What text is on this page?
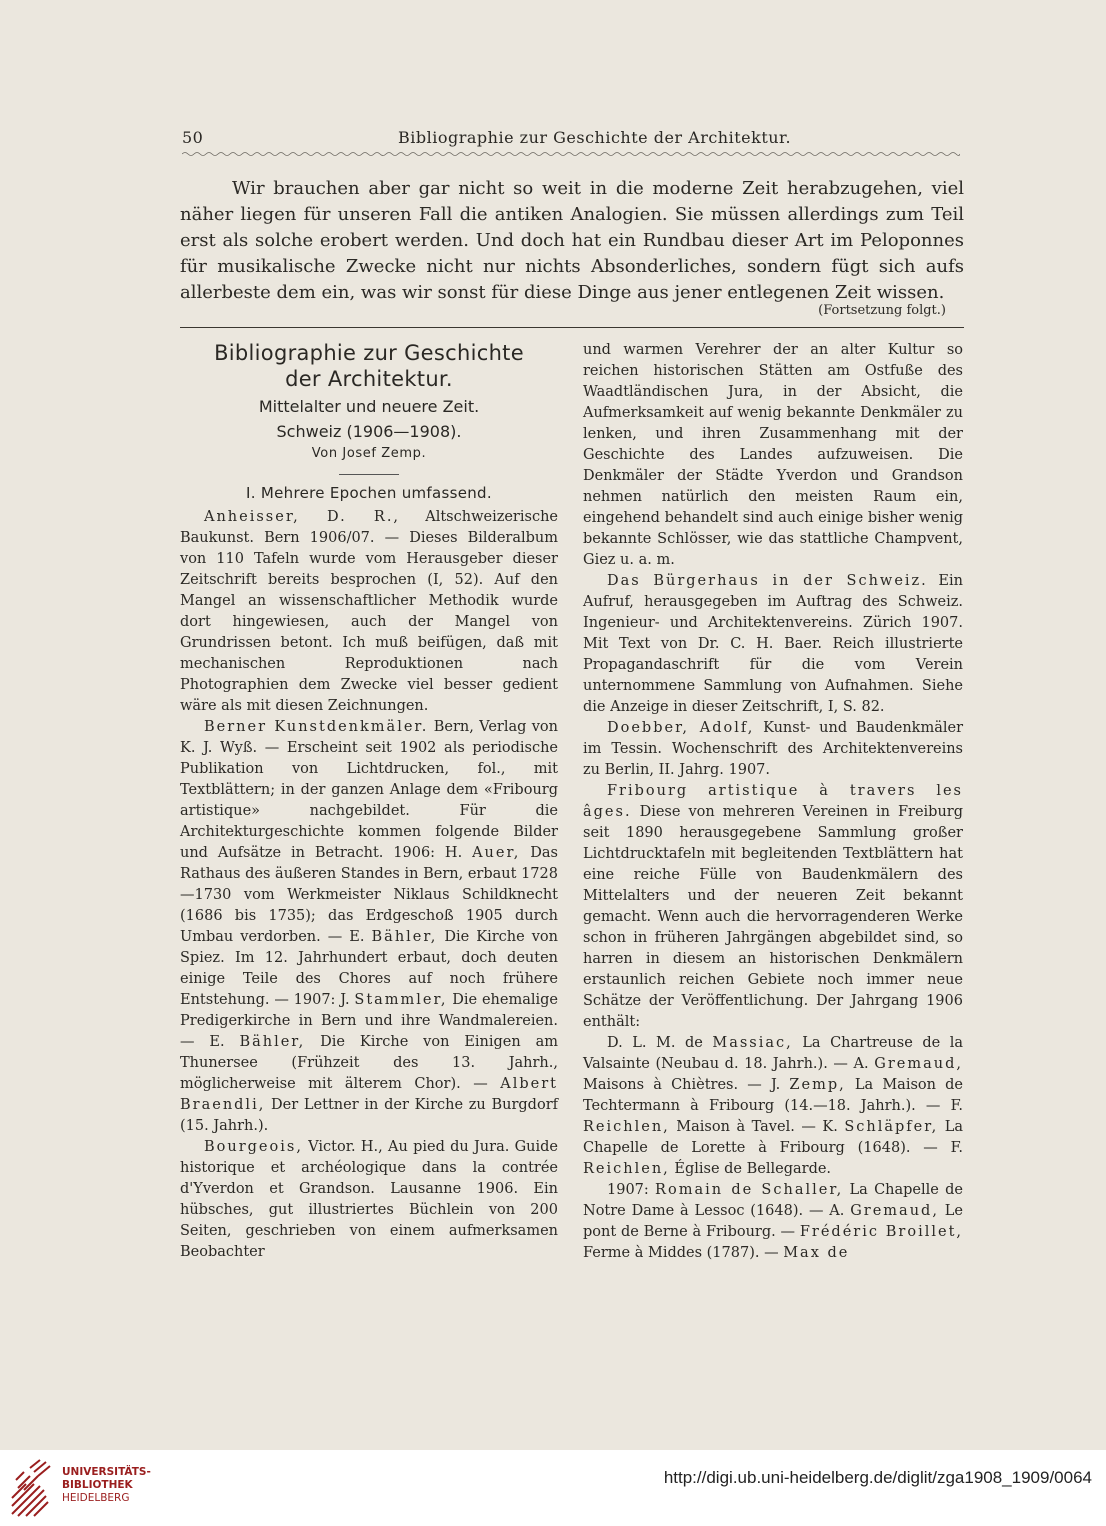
50	Bibliographie zur Geschichte der Architektur.

Wir brauchen aber gar nicht so weit in die moderne Zeit herabzugehen, viel näher liegen für unseren Fall die antiken Analogien. Sie müssen allerdings zum Teil erst als solche erobert werden. Und doch hat ein Rundbau dieser Art im Peloponnes für musikalische Zwecke nicht nur nichts Absonderliches, sondern fügt sich aufs allerbeste dem ein, was wir sonst für diese Dinge aus jener entlegenen Zeit wissen.

(Fortsetzung folgt.)
Bibliographie zur Geschichte
der Architektur.
Mittelalter und neuere Zeit.
Schweiz (1906—1908).
Von Josef Zemp.
I. Mehrere Epochen umfassend.

Anheisser, D. R., Altschweizerische Baukunst. Bern 1906/07. — Dieses Bilderalbum von 110 Tafeln wurde vom Herausgeber dieser Zeitschrift bereits besprochen (I, 52). Auf den Mangel an wissenschaftlicher Methodik wurde dort hingewiesen, auch der Mangel von Grundrissen betont. Ich muß beifügen, daß mit mechanischen Reproduktionen nach Photographien dem Zwecke viel besser gedient wäre als mit diesen Zeichnungen.

Berner Kunstdenkmäler. Bern, Verlag von K. J. Wyß. — Erscheint seit 1902 als periodische Publikation von Lichtdrucken, fol., mit Textblättern; in der ganzen Anlage dem «Fribourg artistique» nachgebildet. Für die Architekturgeschichte kommen folgende Bilder und Aufsätze in Betracht. 1906: H. Auer, Das Rathaus des äußeren Standes in Bern, erbaut 1728—1730 vom Werkmeister Niklaus Schildknecht (1686 bis 1735); das Erdgeschoß 1905 durch Umbau verdorben. — E. Bähler, Die Kirche von Spiez. Im 12. Jahrhundert erbaut, doch deuten einige Teile des Chores auf noch frühere Entstehung. — 1907: J. Stammler, Die ehemalige Predigerkirche in Bern und ihre Wandmalereien. — E. Bähler, Die Kirche von Einigen am Thunersee (Frühzeit des 13. Jahrh., möglicherweise mit älterem Chor). — Albert Braendli, Der Lettner in der Kirche zu Burgdorf (15. Jahrh.).

Bourgeois, Victor. H., Au pied du Jura. Guide historique et archéologique dans la contrée d'Yverdon et Grandson. Lausanne 1906. Ein hübsches, gut illustriertes Büchlein von 200 Seiten, geschrieben von einem aufmerksamen Beobachter

und warmen Verehrer der an alter Kultur so reichen historischen Stätten am Ostfuße des Waadtländischen Jura, in der Absicht, die Aufmerksamkeit auf wenig bekannte Denkmäler zu lenken, und ihren Zusammenhang mit der Geschichte des Landes aufzuweisen. Die Denkmäler der Städte Yverdon und Grandson nehmen natürlich den meisten Raum ein, eingehend behandelt sind auch einige bisher wenig bekannte Schlösser, wie das stattliche Champvent, Giez u. a. m.

Das Bürgerhaus in der Schweiz. Ein Aufruf, herausgegeben im Auftrag des Schweiz. Ingenieur- und Architektenvereins. Zürich 1907. Mit Text von Dr. C. H. Baer. Reich illustrierte Propagandaschrift für die vom Verein unternommene Sammlung von Aufnahmen. Siehe die Anzeige in dieser Zeitschrift, I, S. 82.

Doebber, Adolf, Kunst- und Baudenkmäler im Tessin. Wochenschrift des Architektenvereins zu Berlin, II. Jahrg. 1907.

Fribourg artistique à travers les âges. Diese von mehreren Vereinen in Freiburg seit 1890 herausgegebene Sammlung großer Lichtdrucktafeln mit begleitenden Textblättern hat eine reiche Fülle von Baudenkmälern des Mittelalters und der neueren Zeit bekannt gemacht. Wenn auch die hervorragenderen Werke schon in früheren Jahrgängen abgebildet sind, so harren in diesem an historischen Denkmälern erstaunlich reichen Gebiete noch immer neue Schätze der Veröffentlichung. Der Jahrgang 1906 enthält:

D. L. M. de Massiac, La Chartreuse de la Valsainte (Neubau d. 18. Jahrh.). — A. Gremaud, Maisons à Chiètres. — J. Zemp, La Maison de Techtermann à Fribourg (14.—18. Jahrh.). — F. Reichlen, Maison à Tavel. — K. Schläpfer, La Chapelle de Lorette à Fribourg (1648). — F. Reichlen, Église de Bellegarde.

1907: Romain de Schaller, La Chapelle de Notre Dame à Lessoc (1648). — A. Gremaud, Le pont de Berne à Fribourg. — Frédéric Broillet, Ferme à Middes (1787). — Max de

UNIVERSITÄTS-
BIBLIOTHEK
HEIDELBERG
http://digi.ub.uni-heidelberg.de/diglit/zga1908_1909/0064
